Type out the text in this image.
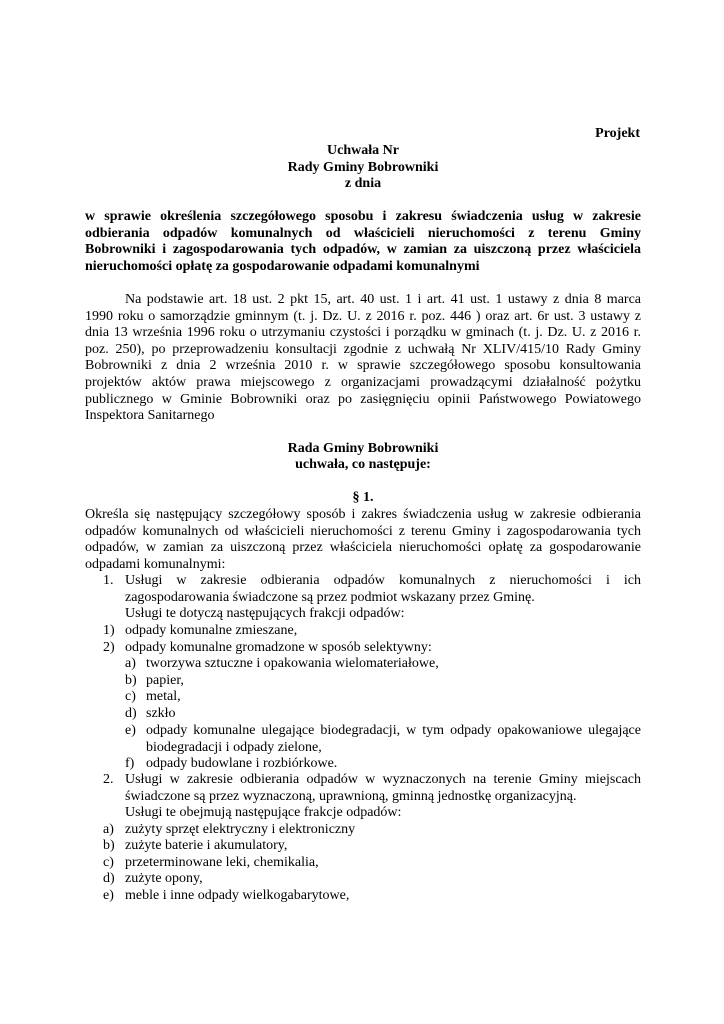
Projekt
Uchwała Nr
Rady Gminy Bobrowniki
z dnia
w sprawie określenia szczegółowego sposobu i zakresu świadczenia usług w zakresie
odbierania odpadów komunalnych od właścicieli nieruchomości z terenu Gminy
Bobrowniki i zagospodarowania tych odpadów, w zamian za uiszczoną przez właściciela
nieruchomości opłatę za gospodarowanie odpadami komunalnymi
Na podstawie art. 18 ust. 2 pkt 15, art. 40 ust. 1 i art. 41 ust. 1 ustawy z dnia 8 marca
1990 roku o samorządzie gminnym (t. j. Dz. U. z 2016 r. poz. 446 ) oraz art. 6r ust. 3 ustawy z
dnia 13 września 1996 roku o utrzymaniu czystości i porządku w gminach (t. j. Dz. U. z 2016 r.
poz. 250), po przeprowadzeniu konsultacji zgodnie z uchwałą Nr XLIV/415/10 Rady Gminy
Bobrowniki z dnia 2 września 2010 r. w sprawie szczegółowego sposobu konsultowania
projektów aktów prawa miejscowego z organizacjami prowadzącymi działalność pożytku
publicznego w Gminie Bobrowniki oraz po zasięgnięciu opinii Państwowego Powiatowego
Inspektora Sanitarnego
Rada Gminy Bobrowniki
uchwała, co następuje:
§ 1.
Określa się następujący szczegółowy sposób i zakres świadczenia usług w zakresie odbierania
odpadów komunalnych od właścicieli nieruchomości z terenu Gminy i zagospodarowania tych
odpadów, w zamian za uiszczoną przez właściciela nieruchomości opłatę za gospodarowanie
odpadami komunalnymi:
1. Usługi w zakresie odbierania odpadów komunalnych z nieruchomości i ich
zagospodarowania świadczone są przez podmiot wskazany przez Gminę.
Usługi te dotyczą następujących frakcji odpadów:
1) odpady komunalne zmieszane,
2) odpady komunalne gromadzone w sposób selektywny:
a) tworzywa sztuczne i opakowania wielomateriałowe,
b) papier,
c) metal,
d) szkło
e) odpady komunalne ulegające biodegradacji, w tym odpady opakowaniowe ulegające
biodegradacji i odpady zielone,
f) odpady budowlane i rozbiórkowe.
2. Usługi w zakresie odbierania odpadów w wyznaczonych na terenie Gminy miejscach
świadczone są przez wyznaczoną, uprawnioną, gminną jednostkę organizacyjną.
Usługi te obejmują następujące frakcje odpadów:
a) zużyty sprzęt elektryczny i elektroniczny
b) zużyte baterie i akumulatory,
c) przeterminowane leki, chemikalia,
d) zużyte opony,
e) meble i inne odpady wielkogabarytowe,
